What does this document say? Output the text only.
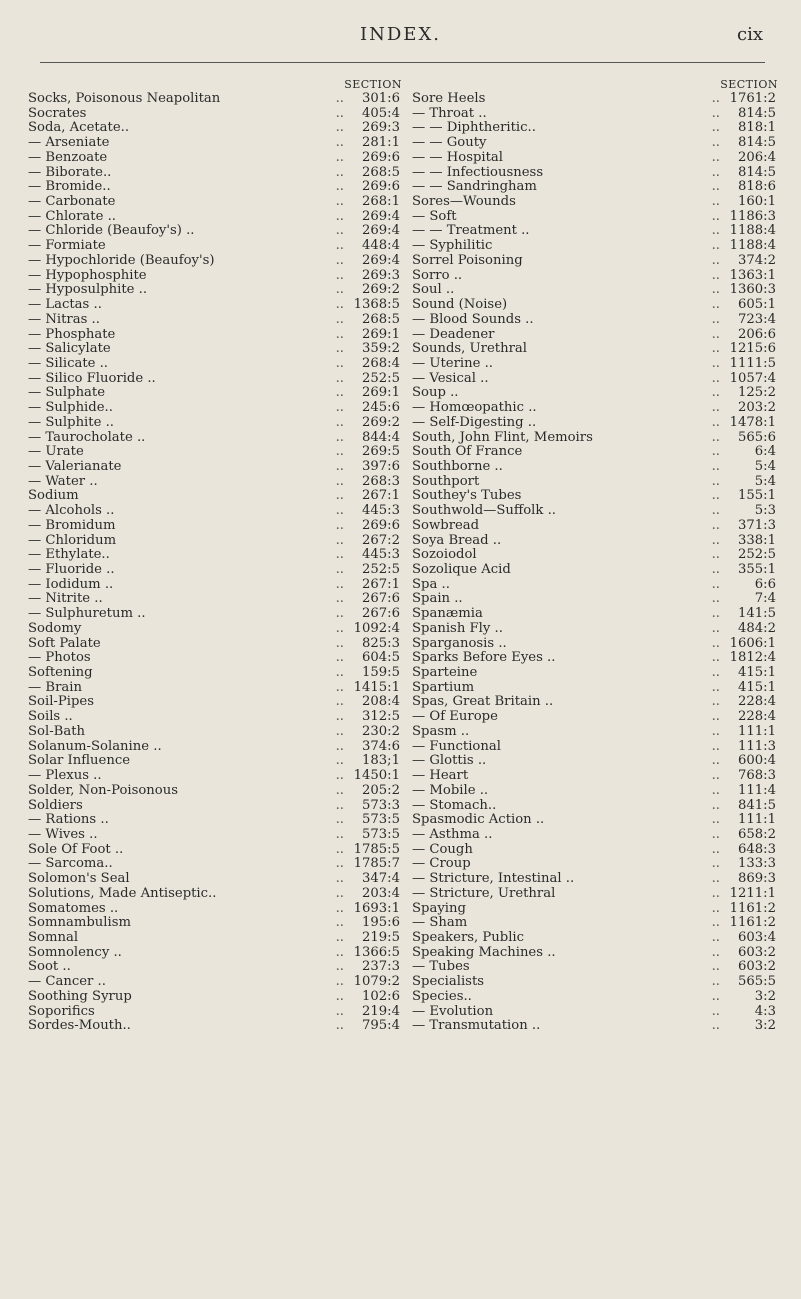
INDEX.	cix
SECTION
Socks, Poisonous Neapolitan	..	301:6
Socrates	..	405:4
Soda, Acetate..	..	269:3
— Arseniate	..	281:1
— Benzoate	..	269:6
— Biborate..	..	268:5
— Bromide..	..	269:6
— Carbonate	..	268:1
— Chlorate ..	..	269:4
— Chloride (Beaufoy's) ..	..	269:4
— Formiate	..	448:4
— Hypochloride (Beaufoy's)	..	269:4
— Hypophosphite	..	269:3
— Hyposulphite ..	..	269:2
— Lactas ..	.. 1368:5
— Nitras ..	..	268:5
— Phosphate	..	269:1
— Salicylate	..	359:2
— Silicate ..	..	268:4
— Silico Fluoride ..	..	252:5
— Sulphate	..	269:1
— Sulphide..	..	245:6
— Sulphite ..	..	269:2
— Taurocholate ..	..	844:4
— Urate	..	269:5
— Valerianate	..	397:6
— Water ..	..	268:3
Sodium	..	267:1
— Alcohols ..	..	445:3
— Bromidum	..	269:6
— Chloridum	..	267:2
— Ethylate..	..	445:3
— Fluoride ..	..	252:5
— Iodidum ..	..	267:1
— Nitrite ..	..	267:6
— Sulphuretum ..	..	267:6
Sodomy	.. 1092:4
Soft Palate	..	825:3
— Photos	..	604:5
Softening	..	159:5
— Brain	.. 1415:1
Soil-Pipes	..	208:4
Soils ..	..	312:5
Sol-Bath	..	230:2
Solanum-Solanine ..	..	374:6
Solar Influence	..	183;1
— Plexus ..	.. 1450:1
Solder, Non-Poisonous	..	205:2
Soldiers	..	573:3
— Rations ..	..	573:5
— Wives ..	..	573:5
Sole Of Foot ..	.. 1785:5
— Sarcoma..	.. 1785:7
Solomon's Seal	..	347:4
Solutions, Made Antiseptic..	..	203:4
Somatomes ..	.. 1693:1
Somnambulism	..	195:6
Somnal	..	219:5
Somnolency ..	.. 1366:5
Soot ..	..	237:3
— Cancer ..	.. 1079:2
Soothing Syrup	..	102:6
Soporifics	..	219:4
Sordes-Mouth..	..	795:4
SECTION
Sore Heels	.. 1761:2
— Throat ..	..	814:5
— — Diphtheritic..	..	818:1
— — Gouty	..	814:5
— — Hospital	..	206:4
— — Infectiousness	..	814:5
— — Sandringham	..	818:6
Sores—Wounds	..	160:1
— Soft	.. 1186:3
— — Treatment ..	.. 1188:4
— Syphilitic	.. 1188:4
Sorrel Poisoning	..	374:2
Sorro ..	.. 1363:1
Soul ..	.. 1360:3
Sound (Noise)	..	605:1
— Blood Sounds ..	..	723:4
— Deadener	..	206:6
Sounds, Urethral	.. 1215:6
— Uterine ..	.. 1111:5
— Vesical ..	.. 1057:4
Soup ..	..	125:2
— Homœopathic ..	..	203:2
— Self-Digesting ..	.. 1478:1
South, John Flint, Memoirs	..	565:6
South Of France	..	6:4
Southborne ..	..	5:4
Southport	..	5:4
Southey's Tubes	..	155:1
Southwold—Suffolk ..	..	5:3
Sowbread	..	371:3
Soya Bread ..	..	338:1
Sozoiodol	..	252:5
Sozolique Acid	..	355:1
Spa ..	..	6:6
Spain ..	..	7:4
Spanæmia	..	141:5
Spanish Fly ..	..	484:2
Sparganosis ..	.. 1606:1
Sparks Before Eyes ..	.. 1812:4
Sparteine	..	415:1
Spartium	..	415:1
Spas, Great Britain ..	..	228:4
— Of Europe	..	228:4
Spasm ..	..	111:1
— Functional	..	111:3
— Glottis ..	..	600:4
— Heart	..	768:3
— Mobile ..	..	111:4
— Stomach..	..	841:5
Spasmodic Action ..	..	111:1
— Asthma ..	..	658:2
— Cough	..	648:3
— Croup	..	133:3
— Stricture, Intestinal ..	..	869:3
— Stricture, Urethral	.. 1211:1
Spaying	.. 1161:2
— Sham	.. 1161:2
Speakers, Public	..	603:4
Speaking Machines ..	..	603:2
— Tubes	..	603:2
Specialists	..	565:5
Species..	..	3:2
— Evolution	..	4:3
— Transmutation ..	..	3:2
